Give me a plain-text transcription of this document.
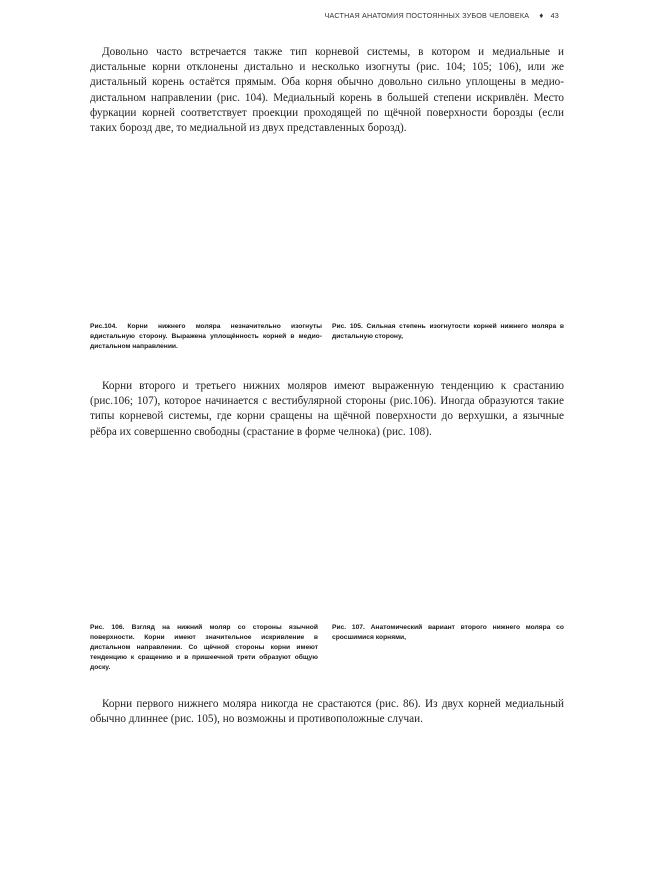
ЧАСТНАЯ АНАТОМИЯ ПОСТОЯННЫХ ЗУБОВ ЧЕЛОВЕКА ♦ 43

Довольно часто встречается также тип корневой системы, в котором и медиальные и дистальные корни отклонены дистально и несколько изогнуты (рис. 104; 105; 106), или же дистальный корень остаётся прямым. Оба корня обычно довольно сильно уплощены в медио-дистальном направлении (рис. 104). Медиальный корень в большей степени искривлён. Место фуркации корней соответствует проекции проходящей по щёчной поверхности борозды (если таких борозд две, то медиальной из двух представленных борозд).

Рис.104. Корни нижнего моляра незначительно изогнуты вдистальную сторону. Выражена уплощённость корней в медио-дистальном направлении.

Рис. 105. Сильная степень изогнутости корней нижнего моляра в дистальную сторону,

Корни второго и третьего нижних моляров имеют выраженную тенденцию к срастанию (рис.106; 107), которое начинается с вестибулярной стороны (рис.106). Иногда образуются такие типы корневой системы, где корни сращены на щёчной поверхности до верхушки, а язычные рёбра их совершенно свободны (срастание в форме челнока) (рис. 108).

Рис. 106. Взгляд на нижний моляр со стороны язычной поверхности. Корни имеют значительное искривление в дистальном направлении. Со щёчной стороны корни имеют тенденцию к сращению и в пришеечной трети образуют общую доску.

Рис. 107. Анатомический вариант второго нижнего моляра со сросшимися корнями,

Корни первого нижнего моляра никогда не срастаются (рис. 86). Из двух корней медиальный обычно длиннее (рис. 105), но возможны и противоположные случаи.
